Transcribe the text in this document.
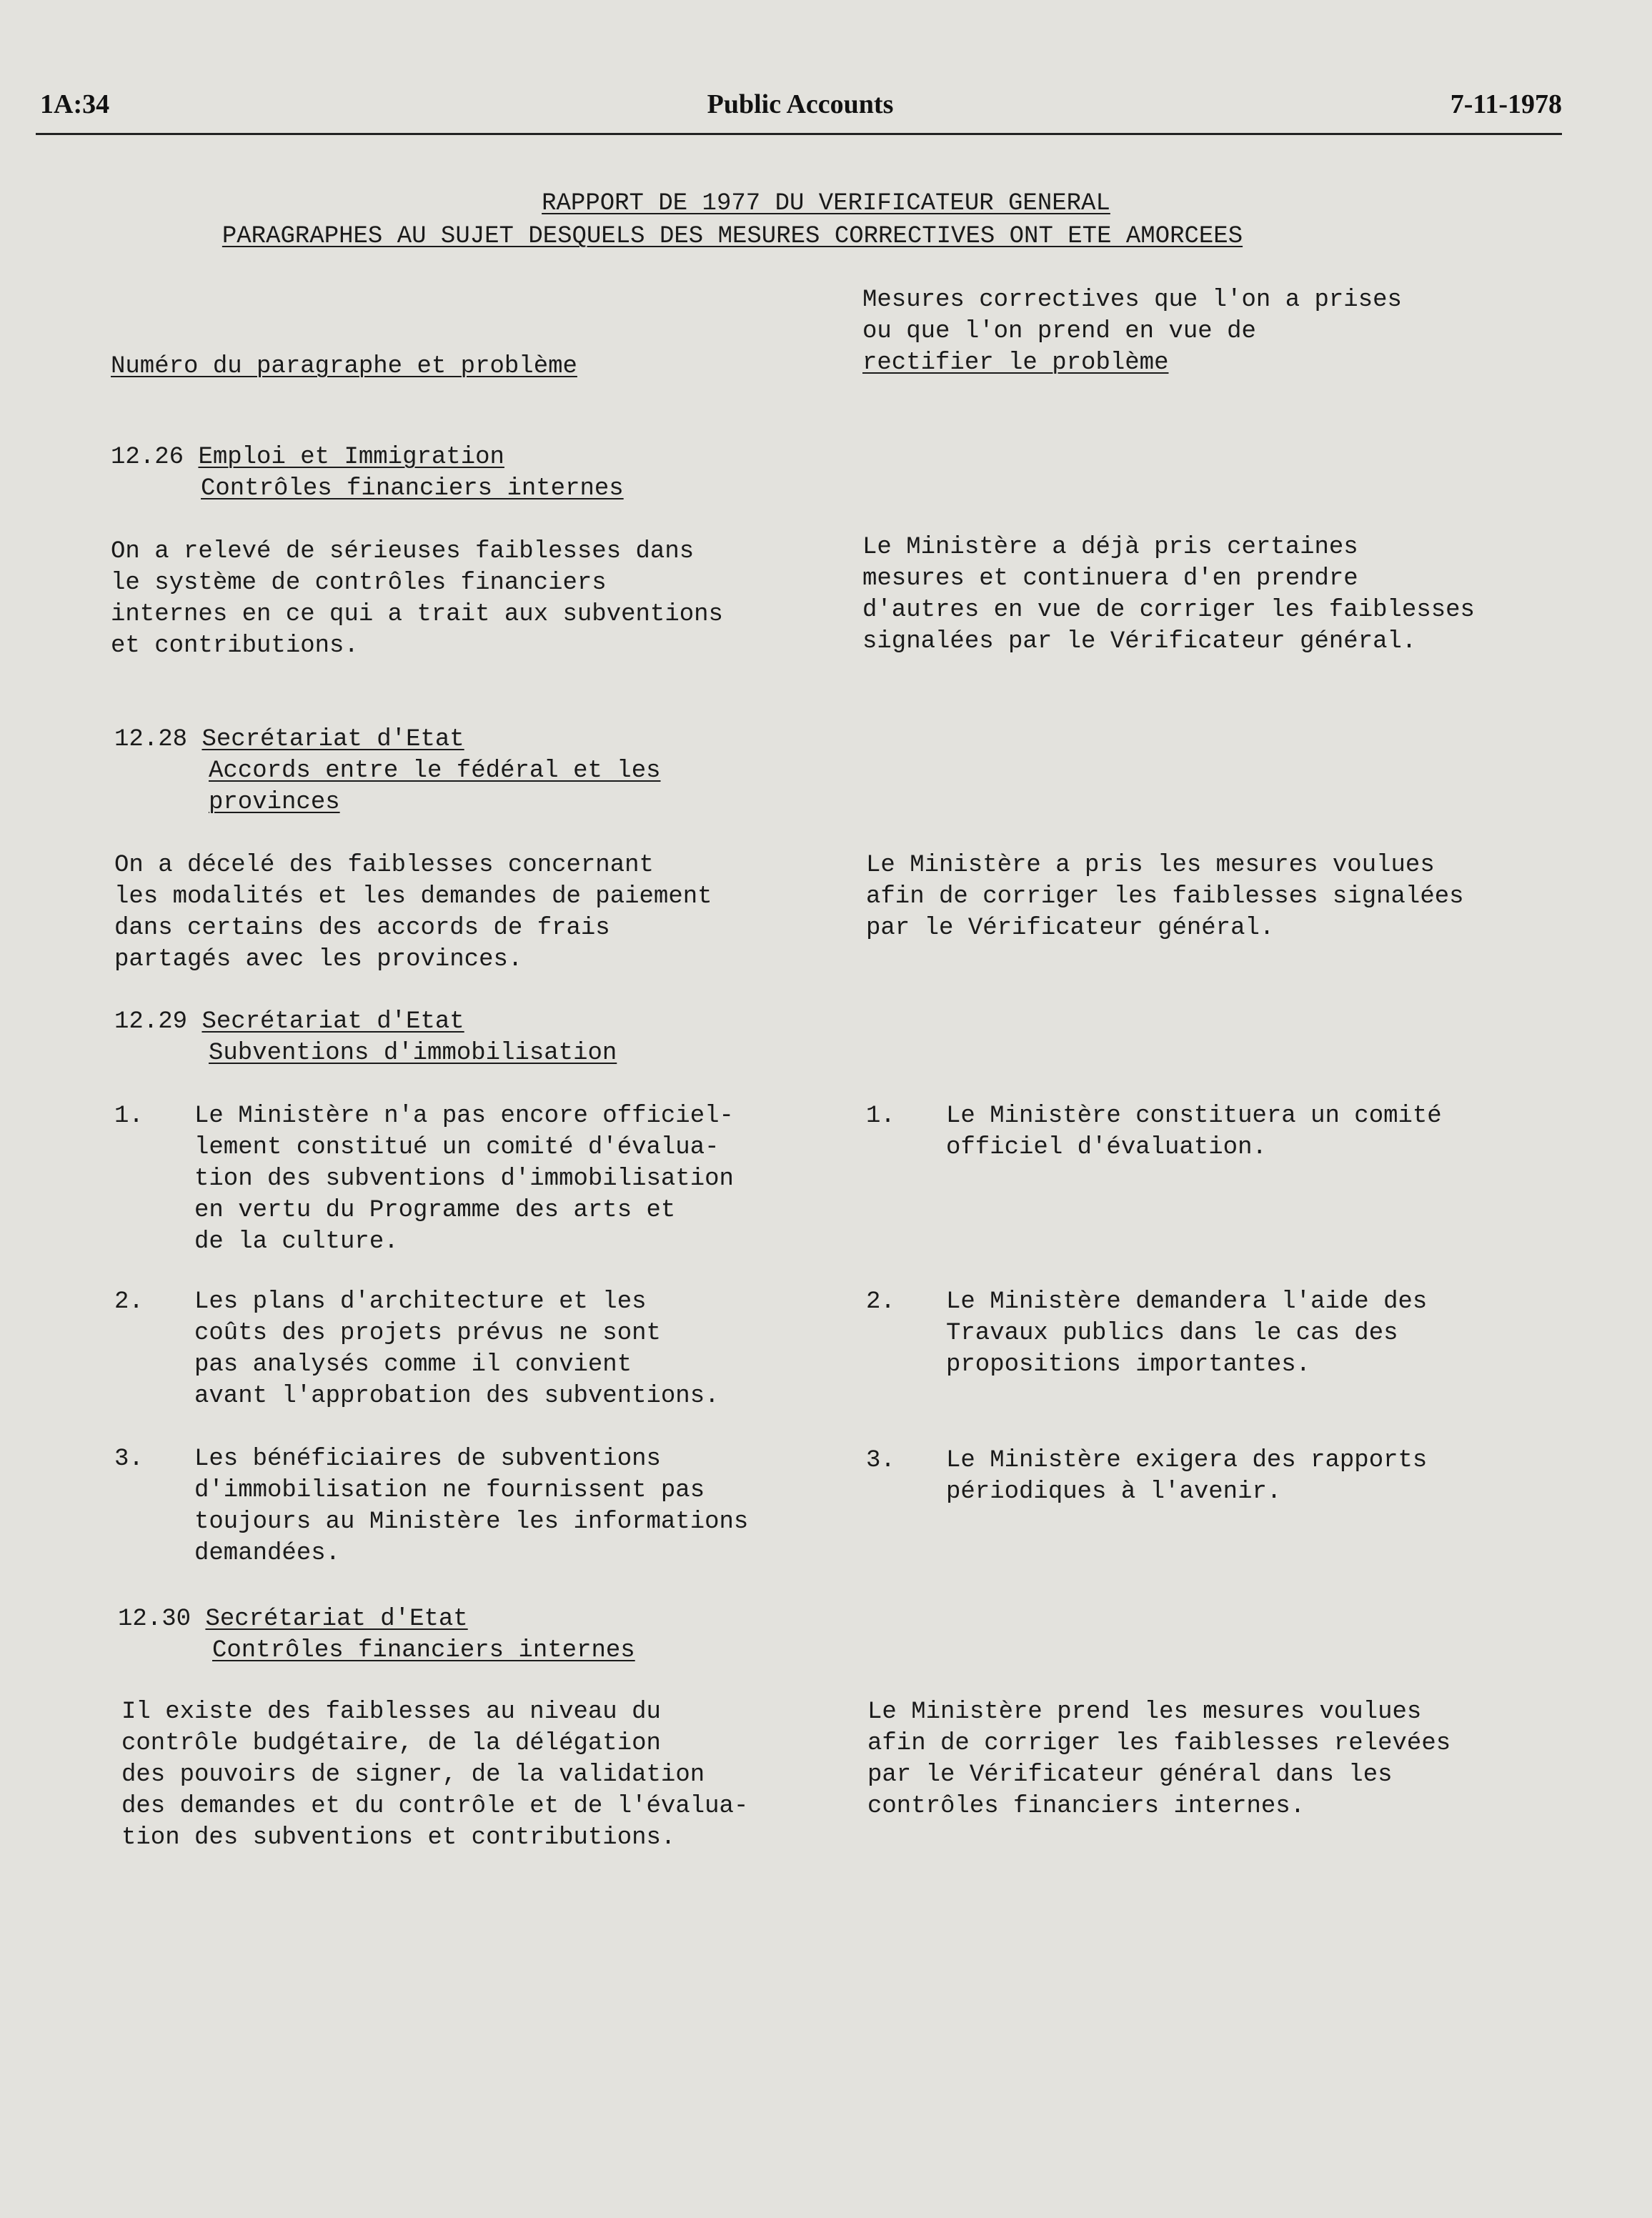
1A:34	Public Accounts	7-11-1978
RAPPORT DE 1977 DU VERIFICATEUR GENERAL
PARAGRAPHES AU SUJET DESQUELS DES MESURES CORRECTIVES ONT ETE AMORCEES
Numéro du paragraphe et problème
Mesures correctives que l'on a prises
ou que l'on prend en vue de
rectifier le problème
12.26 Emploi et Immigration
Contrôles financiers internes
On a relevé de sérieuses faiblesses dans
le système de contrôles financiers
internes en ce qui a trait aux subventions
et contributions.
Le Ministère a déjà pris certaines
mesures et continuera d'en prendre
d'autres en vue de corriger les faiblesses
signalées par le Vérificateur général.
12.28 Secrétariat d'Etat
Accords entre le fédéral et les
provinces
On a décelé des faiblesses concernant
les modalités et les demandes de paiement
dans certains des accords de frais
partagés avec les provinces.
Le Ministère a pris les mesures voulues
afin de corriger les faiblesses signalées
par le Vérificateur général.
12.29 Secrétariat d'Etat
Subventions d'immobilisation
1. Le Ministère n'a pas encore officiel-
lement constitué un comité d'évalua-
tion des subventions d'immobilisation
en vertu du Programme des arts et
de la culture.
1. Le Ministère constituera un comité
officiel d'évaluation.
2. Les plans d'architecture et les
coûts des projets prévus ne sont
pas analysés comme il convient
avant l'approbation des subventions.
2. Le Ministère demandera l'aide des
Travaux publics dans le cas des
propositions importantes.
3. Les bénéficiaires de subventions
d'immobilisation ne fournissent pas
toujours au Ministère les informations
demandées.
3. Le Ministère exigera des rapports
périodiques à l'avenir.
12.30 Secrétariat d'Etat
Contrôles financiers internes
Il existe des faiblesses au niveau du
contrôle budgétaire, de la délégation
des pouvoirs de signer, de la validation
des demandes et du contrôle et de l'évalua-
tion des subventions et contributions.
Le Ministère prend les mesures voulues
afin de corriger les faiblesses relevées
par le Vérificateur général dans les
contrôles financiers internes.
